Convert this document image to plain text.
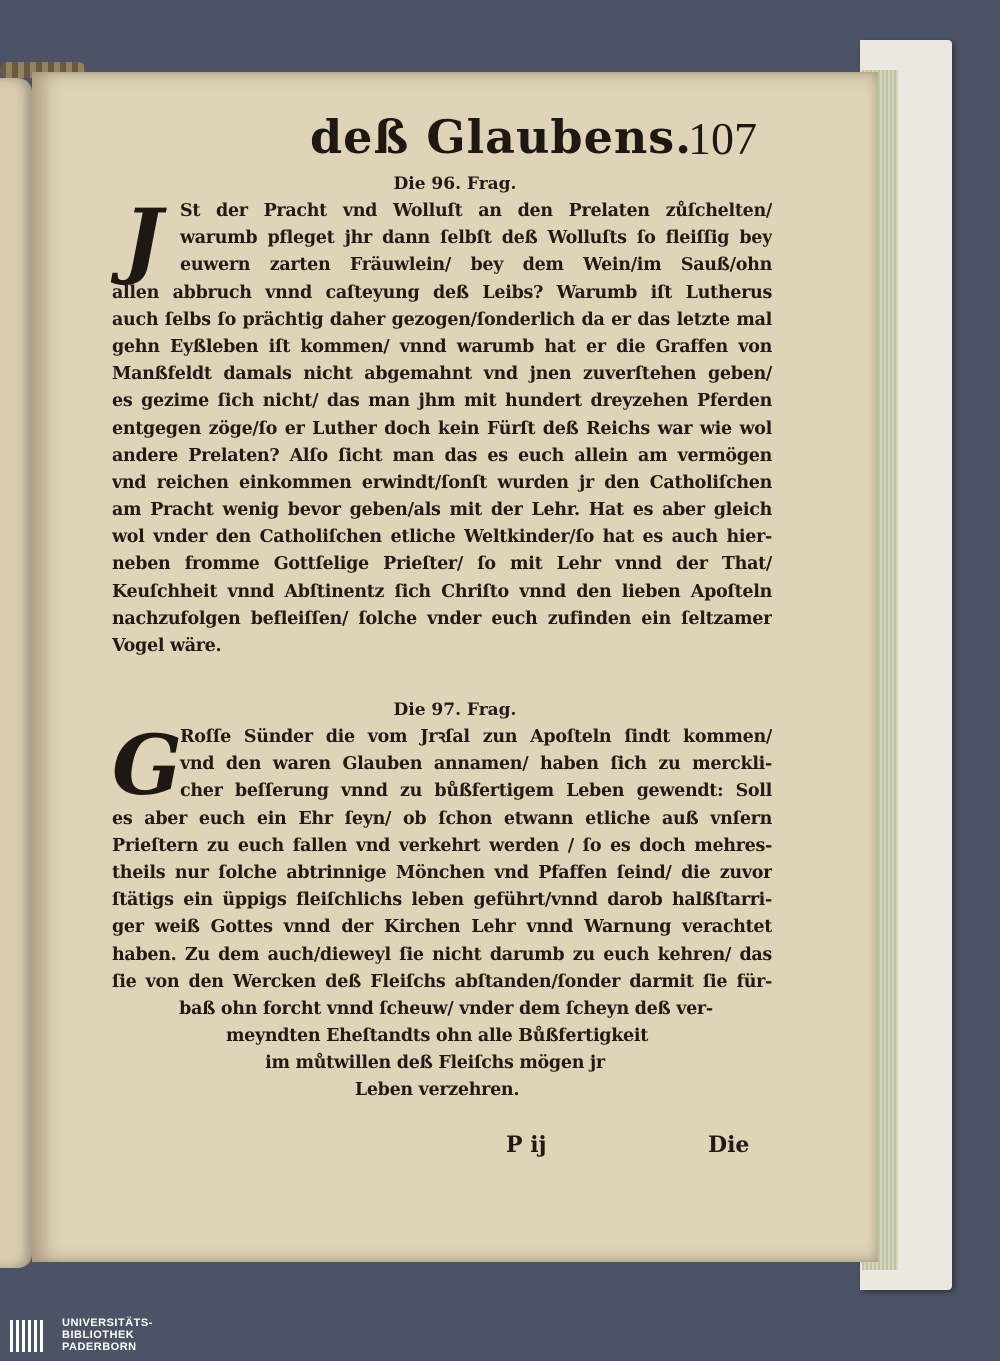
deß Glaubens.
107
Die 96. Frag.
J	St der Pracht vnd Wolluſt an den Prelaten zůſchelten/
warumb pfleget jhr dann ſelbſt deß Wolluſts ſo fleiſſig bey
euwern zarten Fräuwlein/ bey dem Wein/im Sauß/ohn
allen abbruch vnnd caſteyung deß Leibs? Warumb iſt Lutherus
auch ſelbs ſo prächtig daher gezogen/ſonderlich da er das letzte mal
gehn Eyßleben iſt kommen/ vnnd warumb hat er die Graffen von
Manßfeldt damals nicht abgemahnt vnd jnen zuverſtehen geben/
es gezime ſich nicht/ das man jhm mit hundert dreyzehen Pferden
entgegen zöge/ſo er Luther doch kein Fürſt deß Reichs war wie wol
andere Prelaten? Alſo ſicht man das es euch allein am vermögen
vnd reichen einkommen erwindt/ſonſt wurden jr den Catholiſchen
am Pracht wenig bevor geben/als mit der Lehr. Hat es aber gleich
wol vnder den Catholiſchen etliche Weltkinder/ſo hat es auch hier-
neben fromme Gottſelige Prieſter/ ſo mit Lehr vnnd der That/
Keuſchheit vnnd Abſtinentz ſich Chriſto vnnd den lieben Apoſteln
nachzufolgen befleiſſen/ ſolche vnder euch zufinden ein ſeltzamer
Vogel wäre.
Die 97. Frag.
G
Roſſe Sünder die vom Jrꝛſal zun Apoſteln ſindt kommen/
vnd den waren Glauben annamen/ haben ſich zu merckli-
cher beſſerung vnnd zu bůßfertigem Leben gewendt: Soll
es aber euch ein Ehr ſeyn/ ob ſchon etwann etliche auß vnſern
Prieſtern zu euch fallen vnd verkehrt werden / ſo es doch mehres-
theils nur ſolche abtrinnige Mönchen vnd Pfaffen ſeind/ die zuvor
ſtätigs ein üppigs fleiſchlichs leben geführt/vnnd darob halßſtarri-
ger weiß Gottes vnnd der Kirchen Lehr vnnd Warnung verachtet
haben. Zu dem auch/dieweyl ſie nicht darumb zu euch kehren/ das
ſie von den Wercken deß Fleiſchs abſtanden/ſonder darmit ſie für-
baß ohn forcht vnnd ſcheuw/ vnder dem ſcheyn deß ver-
meyndten Eheſtandts ohn alle Bůßfertigkeit
im můtwillen deß Fleiſchs mögen jr
Leben verzehren.
P ij	Die
UNIVERSITÄTS-
BIBLIOTHEK
PADERBORN
